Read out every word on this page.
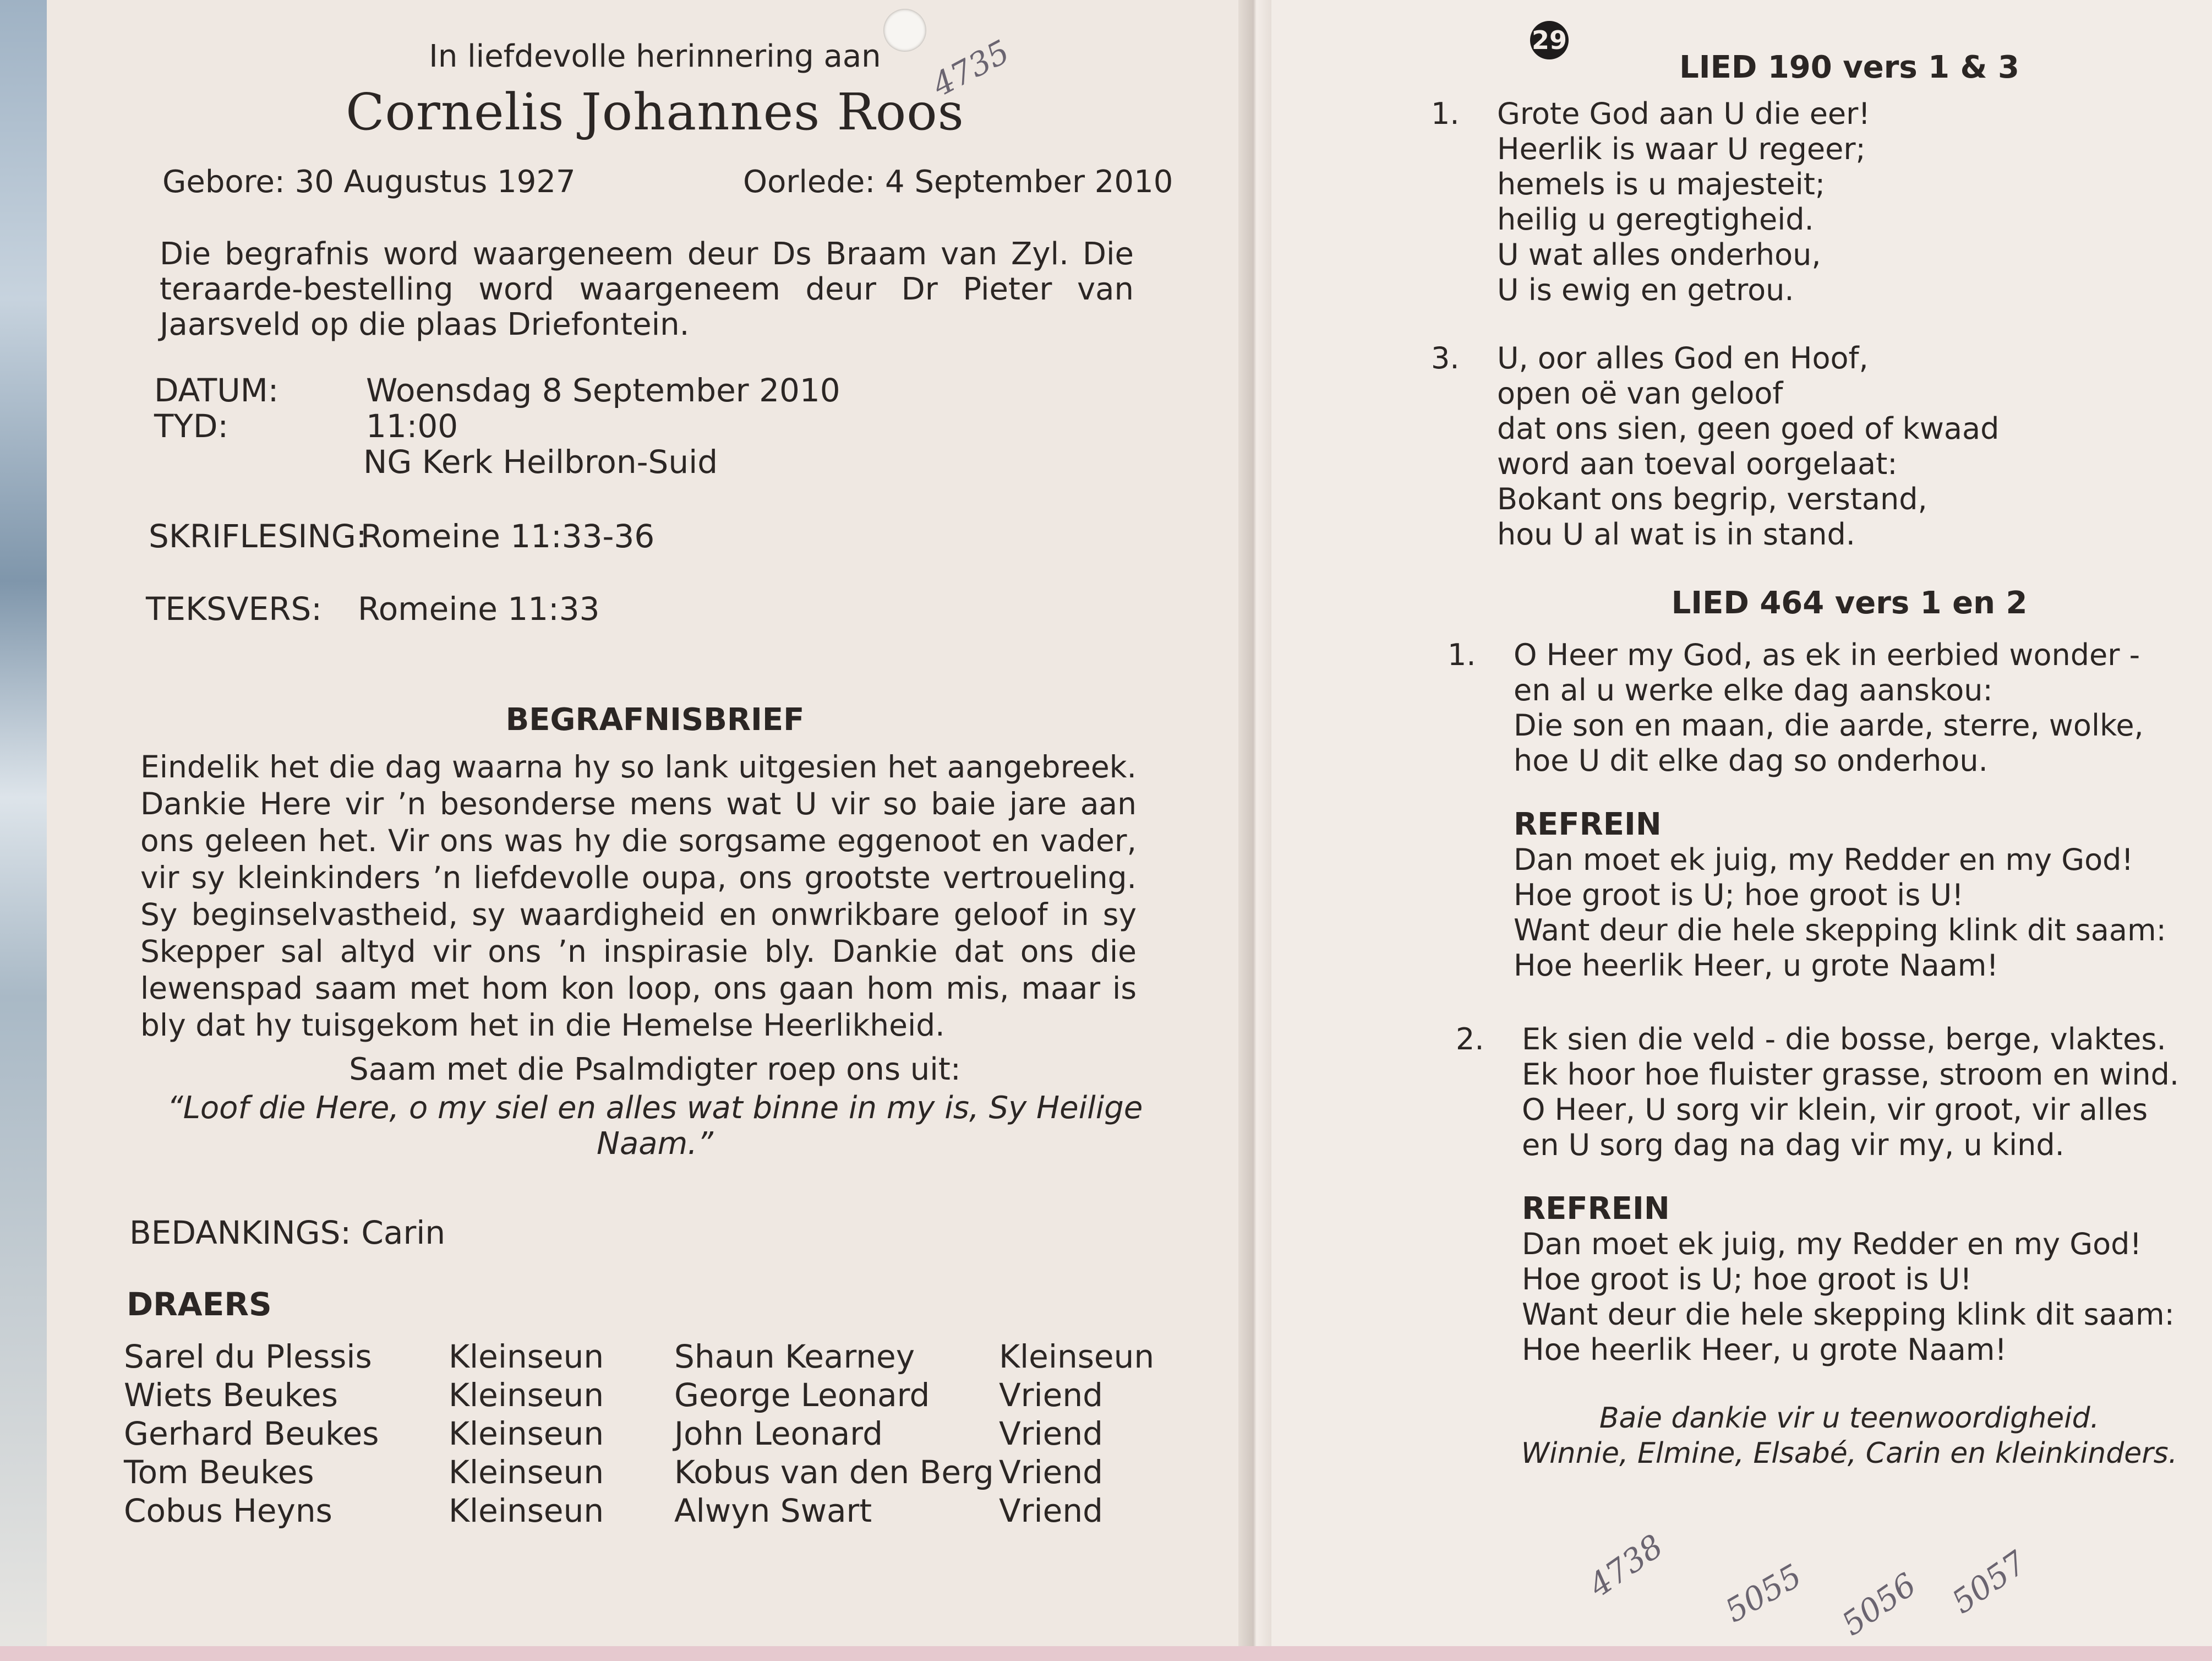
In liefdevolle herinnering aan
Cornelis Johannes Roos
Gebore: 30 Augustus 1927	Oorlede: 4 September 2010
Die begrafnis word waargeneem deur Ds Braam van Zyl. Die teraarde-bestelling word waargeneem deur Dr Pieter van Jaarsveld op die plaas Driefontein.
DATUM:	Woensdag 8 September 2010
TYD:	11:00
NG Kerk Heilbron-Suid
SKRIFLESING:
Romeine 11:33-36
TEKSVERS: Romeine 11:33
BEGRAFNISBRIEF
Eindelik het die dag waarna hy so lank uitgesien het aangebreek. Dankie Here vir ’n besonderse mens wat U vir so baie jare aan ons geleen het. Vir ons was hy die sorgsame eggenoot en vader, vir sy kleinkinders ’n liefdevolle oupa, ons grootste vertroueling. Sy beginselvastheid, sy waardigheid en onwrikbare geloof in sy Skepper sal altyd vir ons ’n inspirasie bly. Dankie dat ons die lewenspad saam met hom kon loop, ons gaan hom mis, maar is bly dat hy tuisgekom het in die Hemelse Heerlikheid.
Saam met die Psalmdigter roep ons uit:
“Loof die Here, o my siel en alles wat binne in my is, Sy Heilige Naam.”
BEDANKINGS: Carin
DRAERS
Sarel du Plessis Kleinseun Shaun Kearney	Kleinseun
Wiets Beukes	Kleinseun George Leonard Vriend
Gerhard Beukes Kleinseun John Leonard	Vriend
Tom Beukes	Kleinseun Kobus van den Berg Vriend
Cobus Heyns	Kleinseun Alwyn Swart	Vriend
29
LIED 190 vers 1 & 3
1. Grote God aan U die eer!
Heerlik is waar U regeer;
hemels is u majesteit;
heilig u geregtigheid.
U wat alles onderhou,
U is ewig en getrou.
3. U, oor alles God en Hoof,
open oë van geloof
dat ons sien, geen goed of kwaad
word aan toeval oorgelaat:
Bokant ons begrip, verstand,
hou U al wat is in stand.
LIED 464 vers 1 en 2
1. O Heer my God, as ek in eerbied wonder -
en al u werke elke dag aanskou:
Die son en maan, die aarde, sterre, wolke,
hoe U dit elke dag so onderhou.
REFREIN
Dan moet ek juig, my Redder en my God!
Hoe groot is U; hoe groot is U!
Want deur die hele skepping klink dit saam:
Hoe heerlik Heer, u grote Naam!
2. Ek sien die veld - die bosse, berge, vlaktes.
Ek hoor hoe fluister grasse, stroom en wind.
O Heer, U sorg vir klein, vir groot, vir alles
en U sorg dag na dag vir my, u kind.
REFREIN
Dan moet ek juig, my Redder en my God!
Hoe groot is U; hoe groot is U!
Want deur die hele skepping klink dit saam:
Hoe heerlik Heer, u grote Naam!
Baie dankie vir u teenwoordigheid.
Winnie, Elmine, Elsabé, Carin en kleinkinders.
4735
4738 5055 5056 5057
